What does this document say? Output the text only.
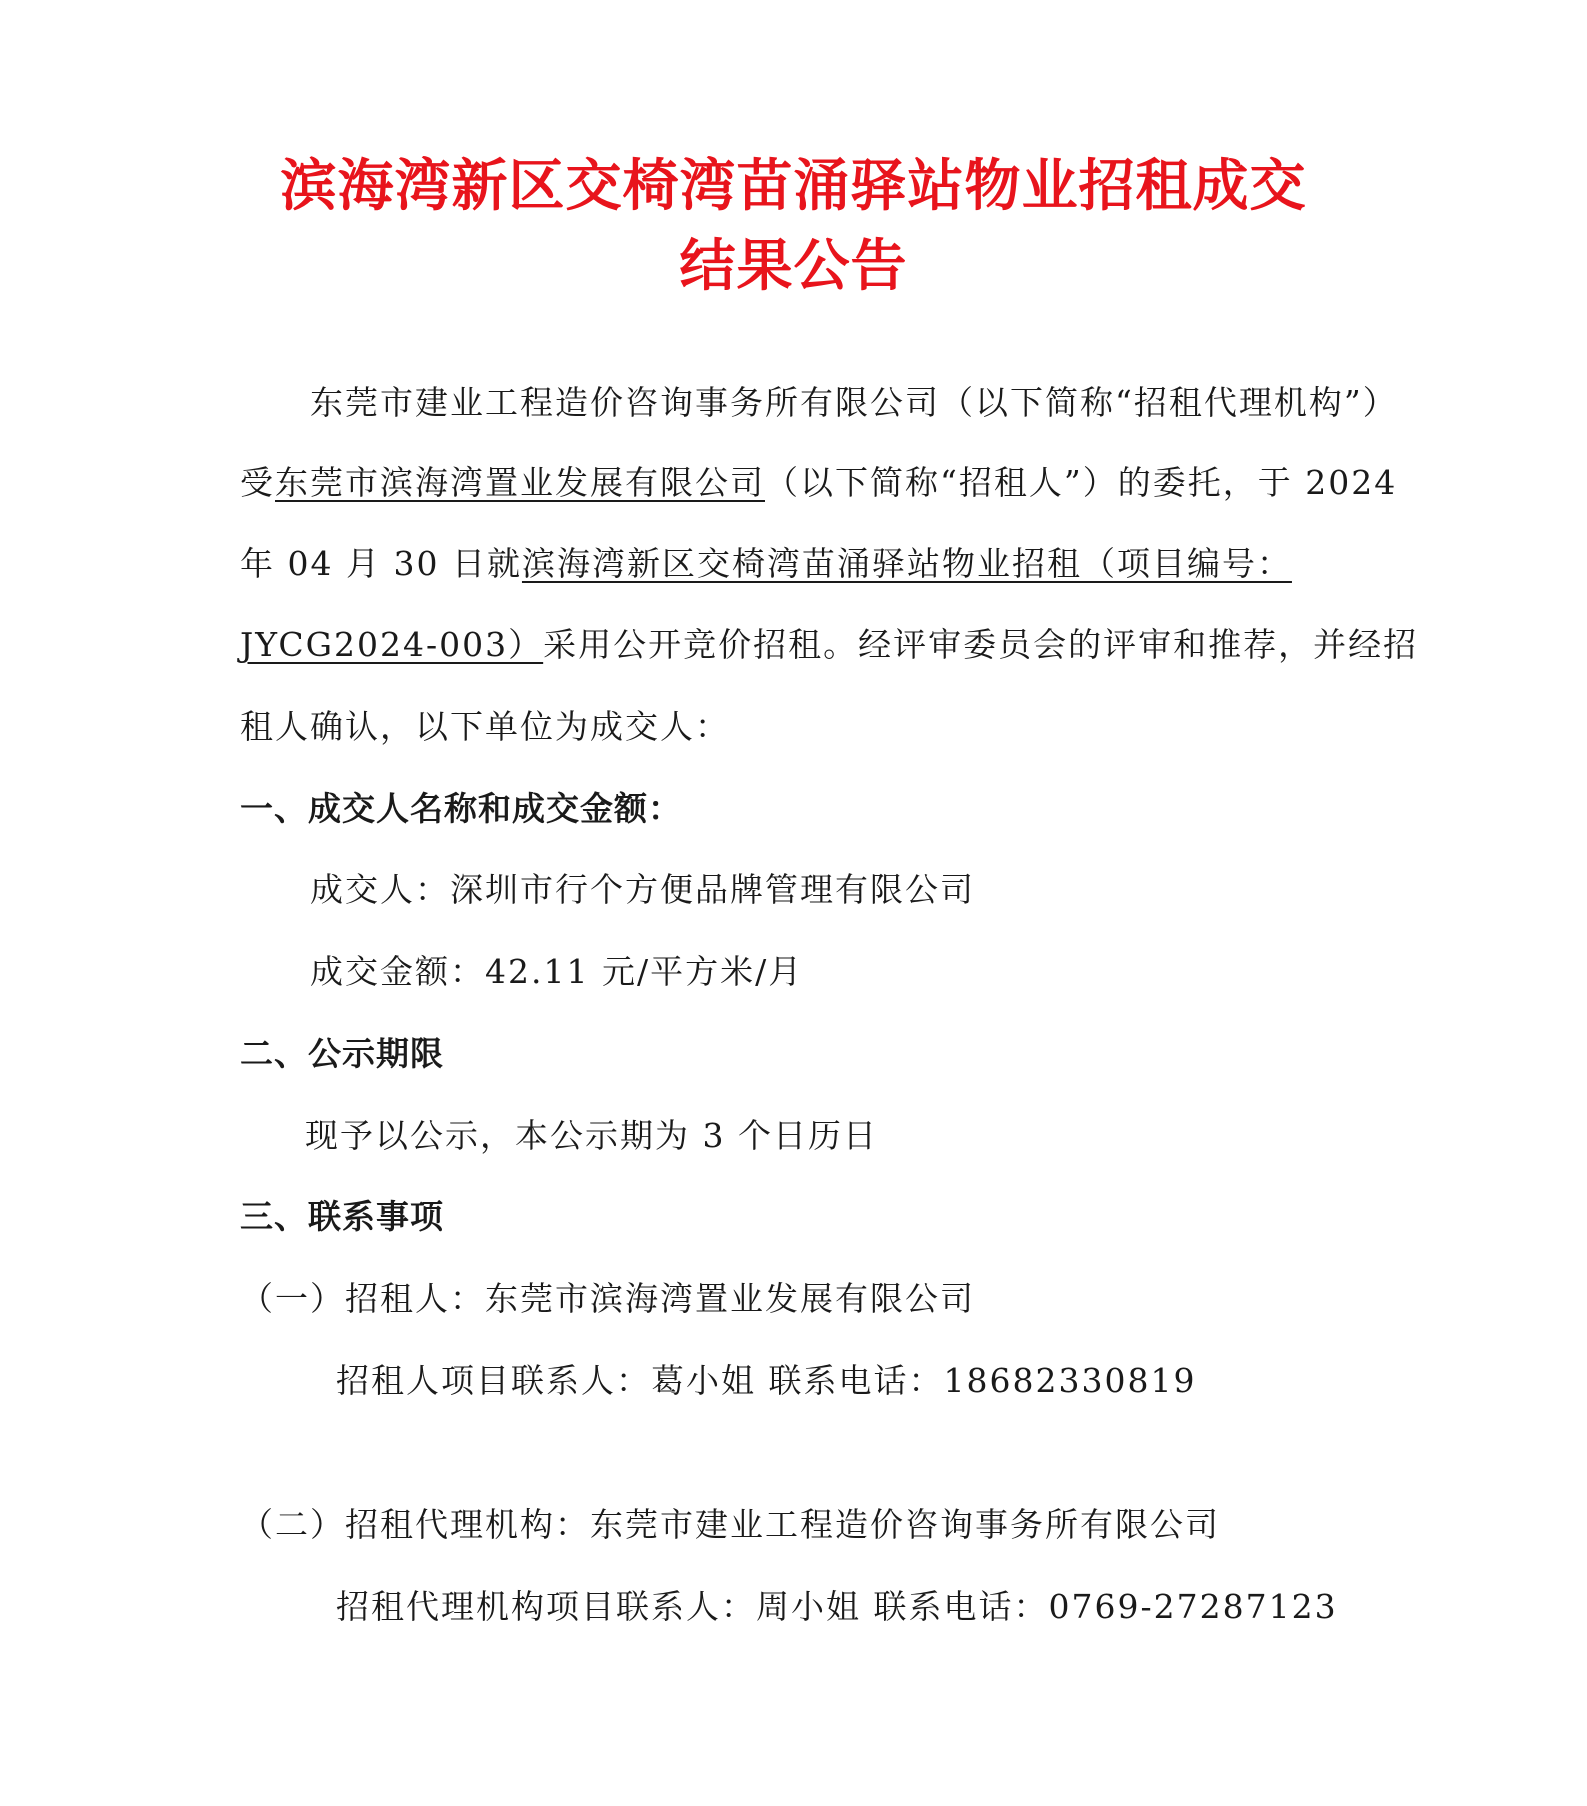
滨海湾新区交椅湾苗涌驿站物业招租成交
结果公告
东莞市建业工程造价咨询事务所有限公司（以下简称“招租代理机构”）
受东莞市滨海湾置业发展有限公司（以下简称“招租人”）的委托，于 2024
年 04 月 30 日就滨海湾新区交椅湾苗涌驿站物业招租（项目编号：
JYCG2024-003）采用公开竞价招租。经评审委员会的评审和推荐，并经招
租人确认，以下单位为成交人：
一、成交人名称和成交金额：
成交人：深圳市行个方便品牌管理有限公司
成交金额：42.11 元/平方米/月
二、公示期限
现予以公示，本公示期为 3 个日历日
三、联系事项
（一）招租人：东莞市滨海湾置业发展有限公司
招租人项目联系人：葛小姐 联系电话：18682330819
（二）招租代理机构：东莞市建业工程造价咨询事务所有限公司
招租代理机构项目联系人：周小姐 联系电话：0769-27287123
